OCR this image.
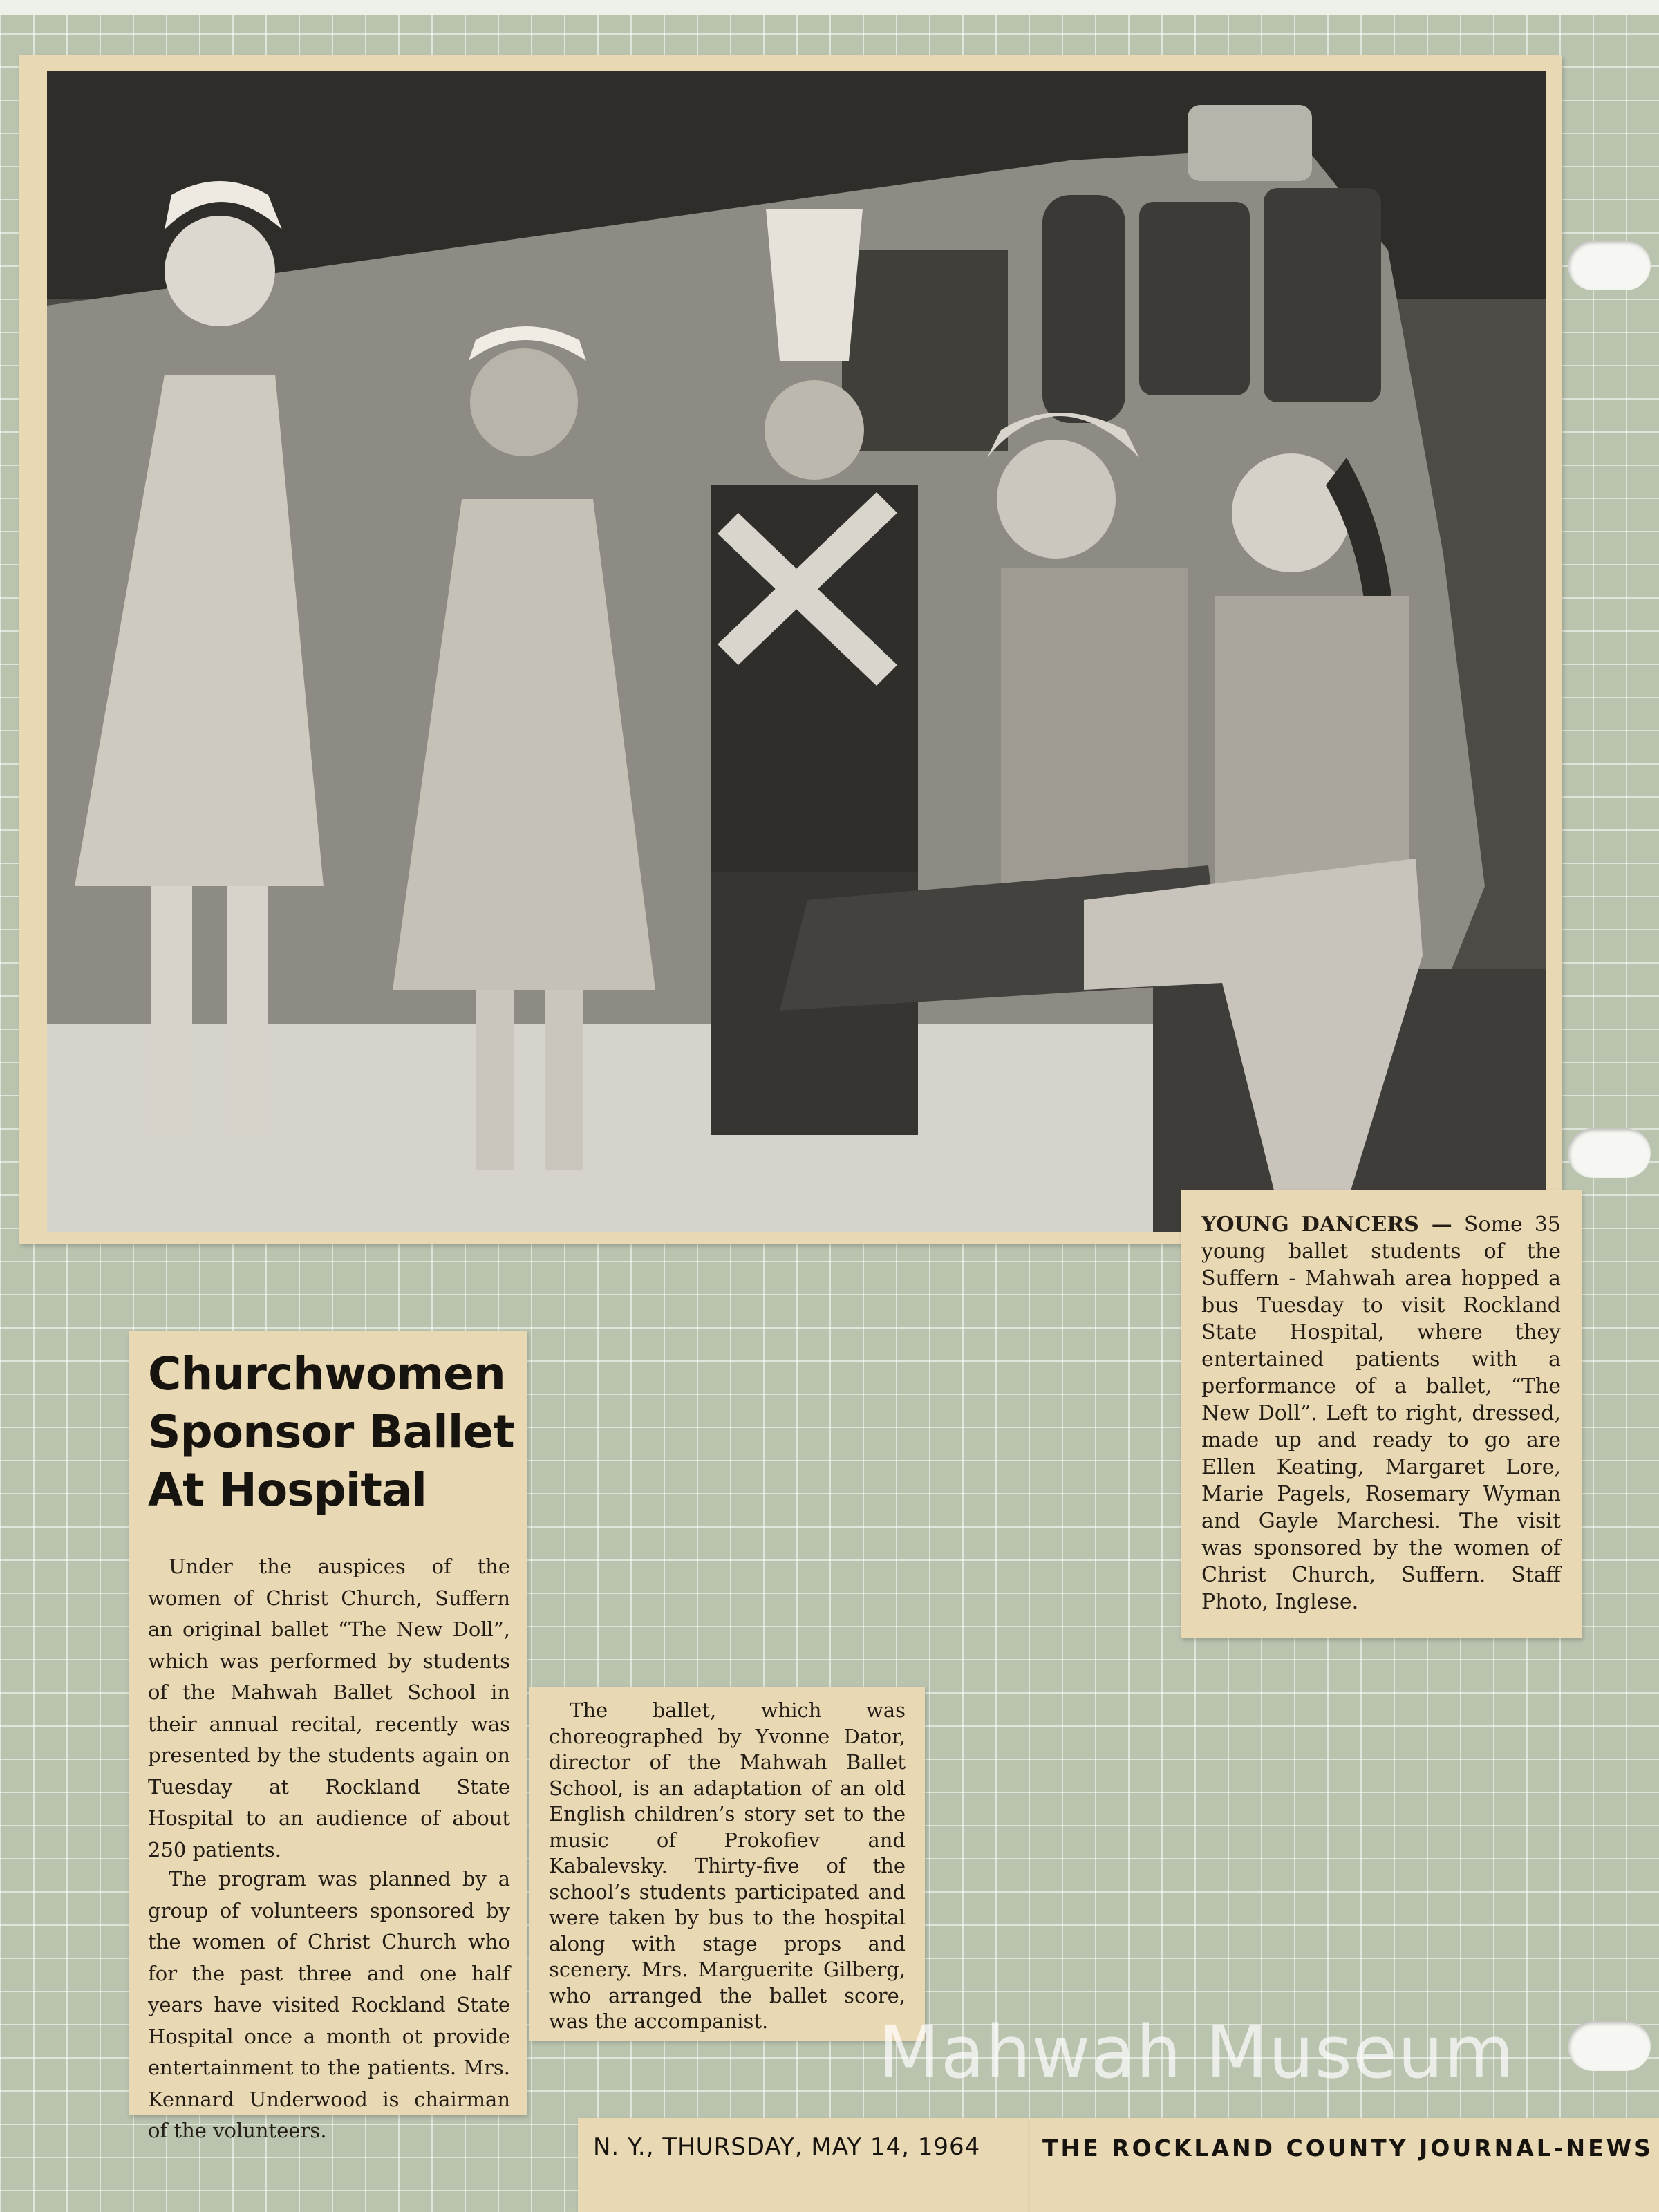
YOUNG DANCERS — Some 35 young ballet students of the Suffern - Mahwah area hopped a bus Tuesday to visit Rockland State Hospital, where they entertained patients with a performance of a ballet, “The New Doll”. Left to right, dressed, made up and ready to go are Ellen Keating, Margaret Lore, Marie Pagels, Rosemary Wyman and Gayle Marchesi. The visit was sponsored by the women of Christ Church, Suffern. Staff Photo, Inglese.

Churchwomen
Sponsor Ballet
At Hospital

Under the auspices of the women of Christ Church, Suffern an original ballet “The New Doll”, which was performed by students of the Mahwah Ballet School in their annual recital, recently was presented by the students again on Tuesday at Rockland State Hospital to an audience of about 250 patients.

The program was planned by a group of volunteers sponsored by the women of Christ Church who for the past three and one half years have visited Rockland State Hospital once a month ot provide entertainment to the patients. Mrs. Kennard Underwood is chairman of the volunteers.

The ballet, which was choreographed by Yvonne Dator, director of the Mahwah Ballet School, is an adaptation of an old English children’s story set to the music of Prokofiev and Kabalevsky. Thirty-five of the school’s students participated and were taken by bus to the hospital along with stage props and scenery. Mrs. Marguerite Gilberg, who arranged the ballet score, was the accompanist.

N. Y., THURSDAY, MAY 14, 1964	THE ROCKLAND COUNTY JOURNAL-NEWS
Mahwah Museum
